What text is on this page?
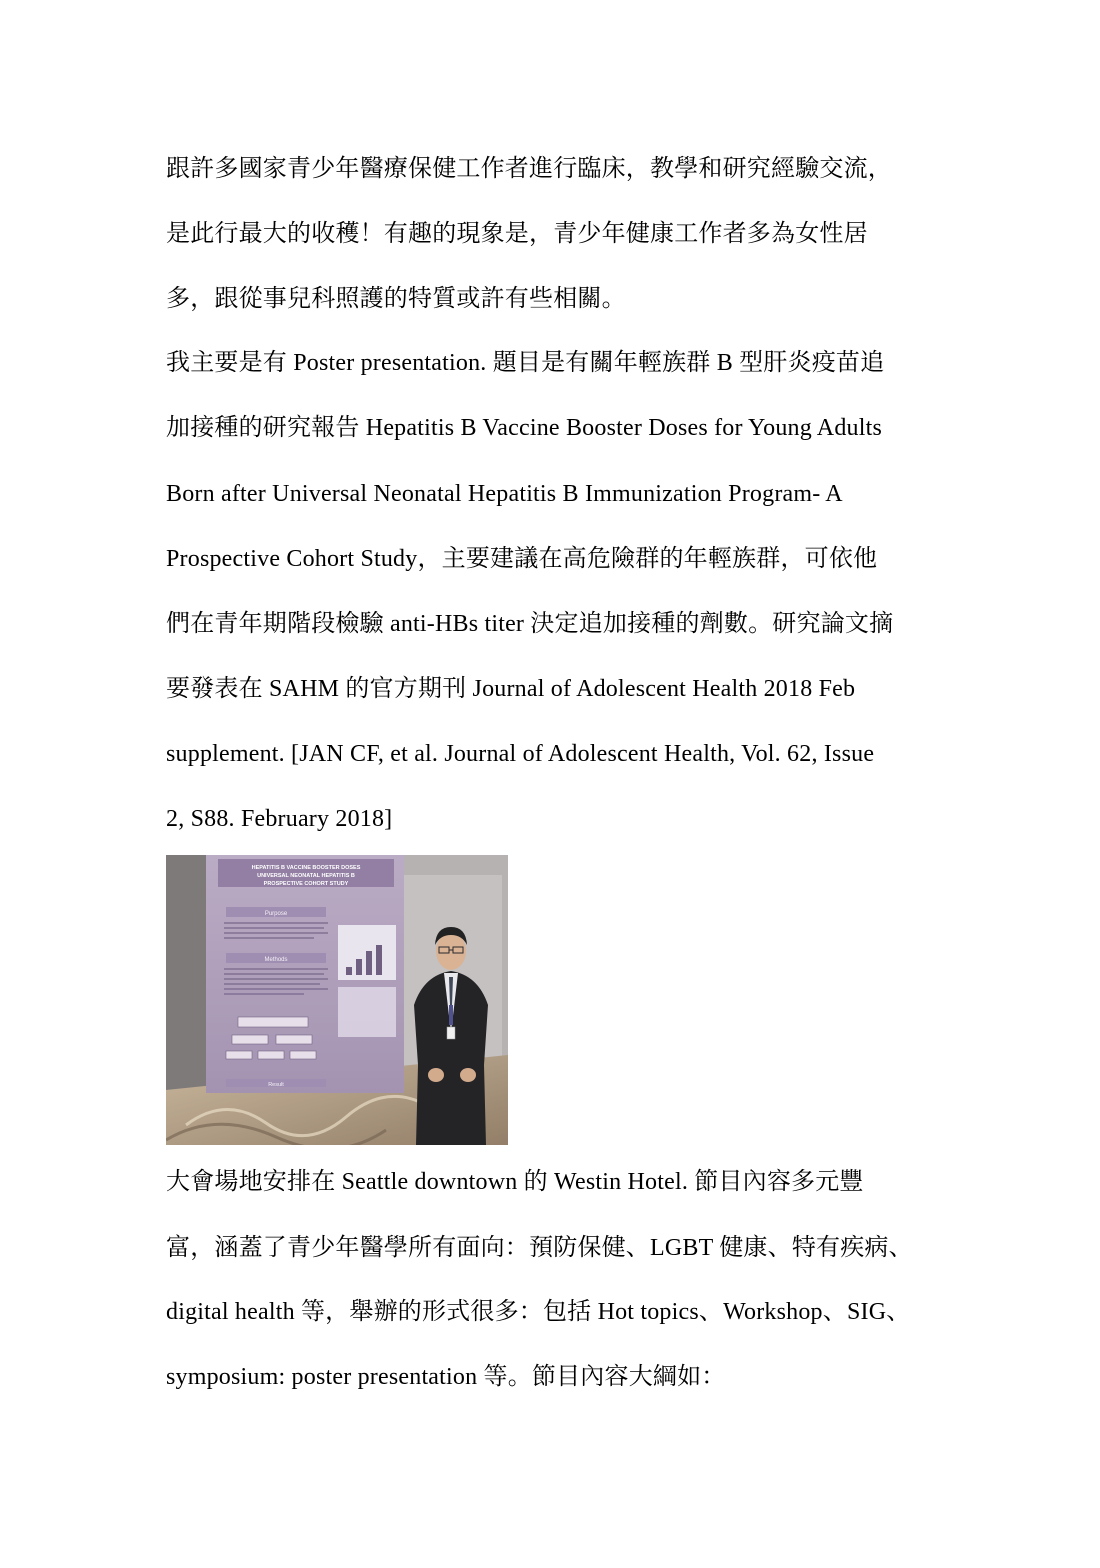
跟許多國家青少年醫療保健工作者進行臨床，教學和研究經驗交流，
是此行最大的收穫！有趣的現象是，青少年健康工作者多為女性居
多，跟從事兒科照護的特質或許有些相關。
我主要是有 Poster presentation. 題目是有關年輕族群 B 型肝炎疫苗追
加接種的研究報告 Hepatitis B Vaccine Booster Doses for Young Adults
Born after Universal Neonatal Hepatitis B Immunization Program- A
Prospective Cohort Study，主要建議在高危險群的年輕族群，可依他
們在青年期階段檢驗 anti-HBs titer 決定追加接種的劑數。研究論文摘
要發表在 SAHM 的官方期刊 Journal of Adolescent Health 2018 Feb
supplement. [JAN CF, et al. Journal of Adolescent Health, Vol. 62, Issue
2, S88. February 2018]
HEPATITIS B VACCINE BOOSTER DOSES
UNIVERSAL NEONATAL HEPATITIS B
PROSPECTIVE COHORT STUDY
Purpose
Methods
Result
大會場地安排在 Seattle downtown 的 Westin Hotel. 節目內容多元豐
富，涵蓋了青少年醫學所有面向：預防保健、LGBT 健康、特有疾病、
digital health 等，舉辦的形式很多：包括 Hot topics、Workshop、SIG、
symposium: poster presentation 等。節目內容大綱如：
